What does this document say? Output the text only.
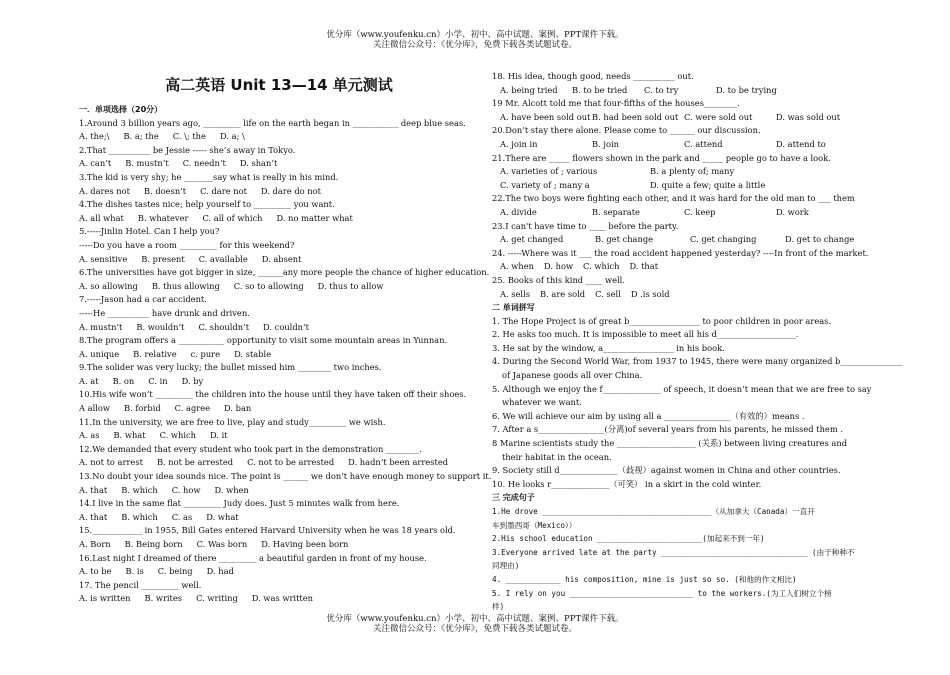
优分库（www.youfenku.cn）小学、初中、高中试题、案例、PPT课件下载。
关注微信公众号：《优分库》，免费下载各类试题试卷。
高二英语 Unit 13—14 单元测试
一．单项选择（20分）
1.Around 3 billion years ago, _________ life on the earth began in ___________ deep blue seas.
A. the;\ B. a; the C. \; the D. a; \
2.That __________ be Jessie ----- she’s away in Tokyo.
A. can’t B. mustn’t C. needn’t D. shan’t
3.The kid is very shy; he _______say what is really in his mind.
A. dares not B. doesn’t C. dare not D. dare do not
4.The dishes tastes nice; help yourself to _________ you want.
A. all what B. whatever C. all of which D. no matter what
5.-----Jinlin Hotel. Can I help you?
-----Do you have a room _________ for this weekend?
A. sensitive B. present C. available D. absent
6.The universities have got bigger in size, ______any more people the chance of higher education.
A. so allowing B. thus allowing C. so to allowing D. thus to allow
7.-----Jason had a car accident.
-----He __________ have drunk and driven.
A. mustn’t B. wouldn’t C. shouldn’t D. couldn’t
8.The program offers a ___________ opportunity to visit some mountain areas in Yunnan.
A. unique B. relative c. pure D. stable
9.The solider was very lucky; the bullet missed him ________ two inches.
A. at B. on C. in D. by
10.His wife won’t _________ the children into the house until they have taken off their shoes.
A allow B. forbid C. agree D. ban
11.In the university, we are free to live, play and study_________ we wish.
A. as B. what C. which D. it
12.We demanded that every student who took part in the demonstration ________.
A. not to arrest B. not be arrested C. not to be arrested D. hadn’t been arrested
13.No doubt your idea sounds nice. The point is ______ we don’t have enough money to support it.
A. that B. which C. how D. when
14.I live in the same flat _________ Judy does. Just 5 minutes walk from here.
A. that B. which C. as D. what
15.____________ in 1955, Bill Gates entered Harvard University when he was 18 years old.
A. Born B. Being born C. Was born D. Having been born
16.Last night I dreamed of there _________ a beautiful garden in front of my house.
A. to be B. is C. being D. had
17. The pencil _________ well.
A. is written B. writes C. writing D. was written
18. His idea, though good, needs __________ out.
A. being tried B. to be tried C. to try	D. to be trying
19 Mr. Alcott told me that four-fifths of the houses________.
A. have been sold out B. had been sold out C. were sold out	D. was sold out
20.Don’t stay there alone. Please come to ______ our discussion.
A. join in	B. join	C. attend	D. attend to
21.There are _____ flowers shown in the park and _____ people go to have a look.
A. varieties of ; various	B. a plenty of; many
C. variety of ; many a	D. quite a few; quite a little
22.The two boys were fighting each other, and it was hard for the old man to ___ them
A. divide	B. separate	C. keep	D. work
23.I can't have time to ____ before the party.
A. get changed	B. get change	C. get changing	D. get to change
24. -----Where was it ___ the road accident happened yesterday? ----In front of the market.
A. when D. how C. which D. that
25. Books of this kind ____ well.
A. sells B. are sold C. sell D .is sold
二 单词拼写
1. The Hope Project is of great b_________________ to poor children in poor areas.
2. He asks too much. It is impossible to meet all his d___________________.
3. He sat by the window, a_________________ in his book.
4. During the Second World War, from 1937 to 1945, there were many organized b_______________
of Japanese goods all over China.
5. Although we enjoy the f______________ of speech, it doesn’t mean that we are free to say
whatever we want.
6. We will achieve our aim by using all a ________________（有效的）means .
7. After a s________________(分离)of several years from his parents, he missed them .
8 Marine scientists study the ___________________ (关系) between living creatures and
their habitat in the ocean.
9. Society still d______________（歧视）against women in China and other countries.
10. He looks r______________（可笑） in a skirt in the cold winter.
三 完成句子
1.He drove _____________________________________（从加拿大（Canada）一直开
车到墨西哥（Mexico））
2.His school education _______________________(加起来不到一年)
3.Everyone arrived late at the party ________________________________ (由于种种不
同理由)
4. ____________ his composition, mine is just so so. (和他的作文相比)
5. I rely on you ___________________________ to the workers.(为工人们树立个榜
样)
优分库（www.youfenku.cn）小学、初中、高中试题、案例、PPT课件下载。
关注微信公众号：《优分库》，免费下载各类试题试卷。
